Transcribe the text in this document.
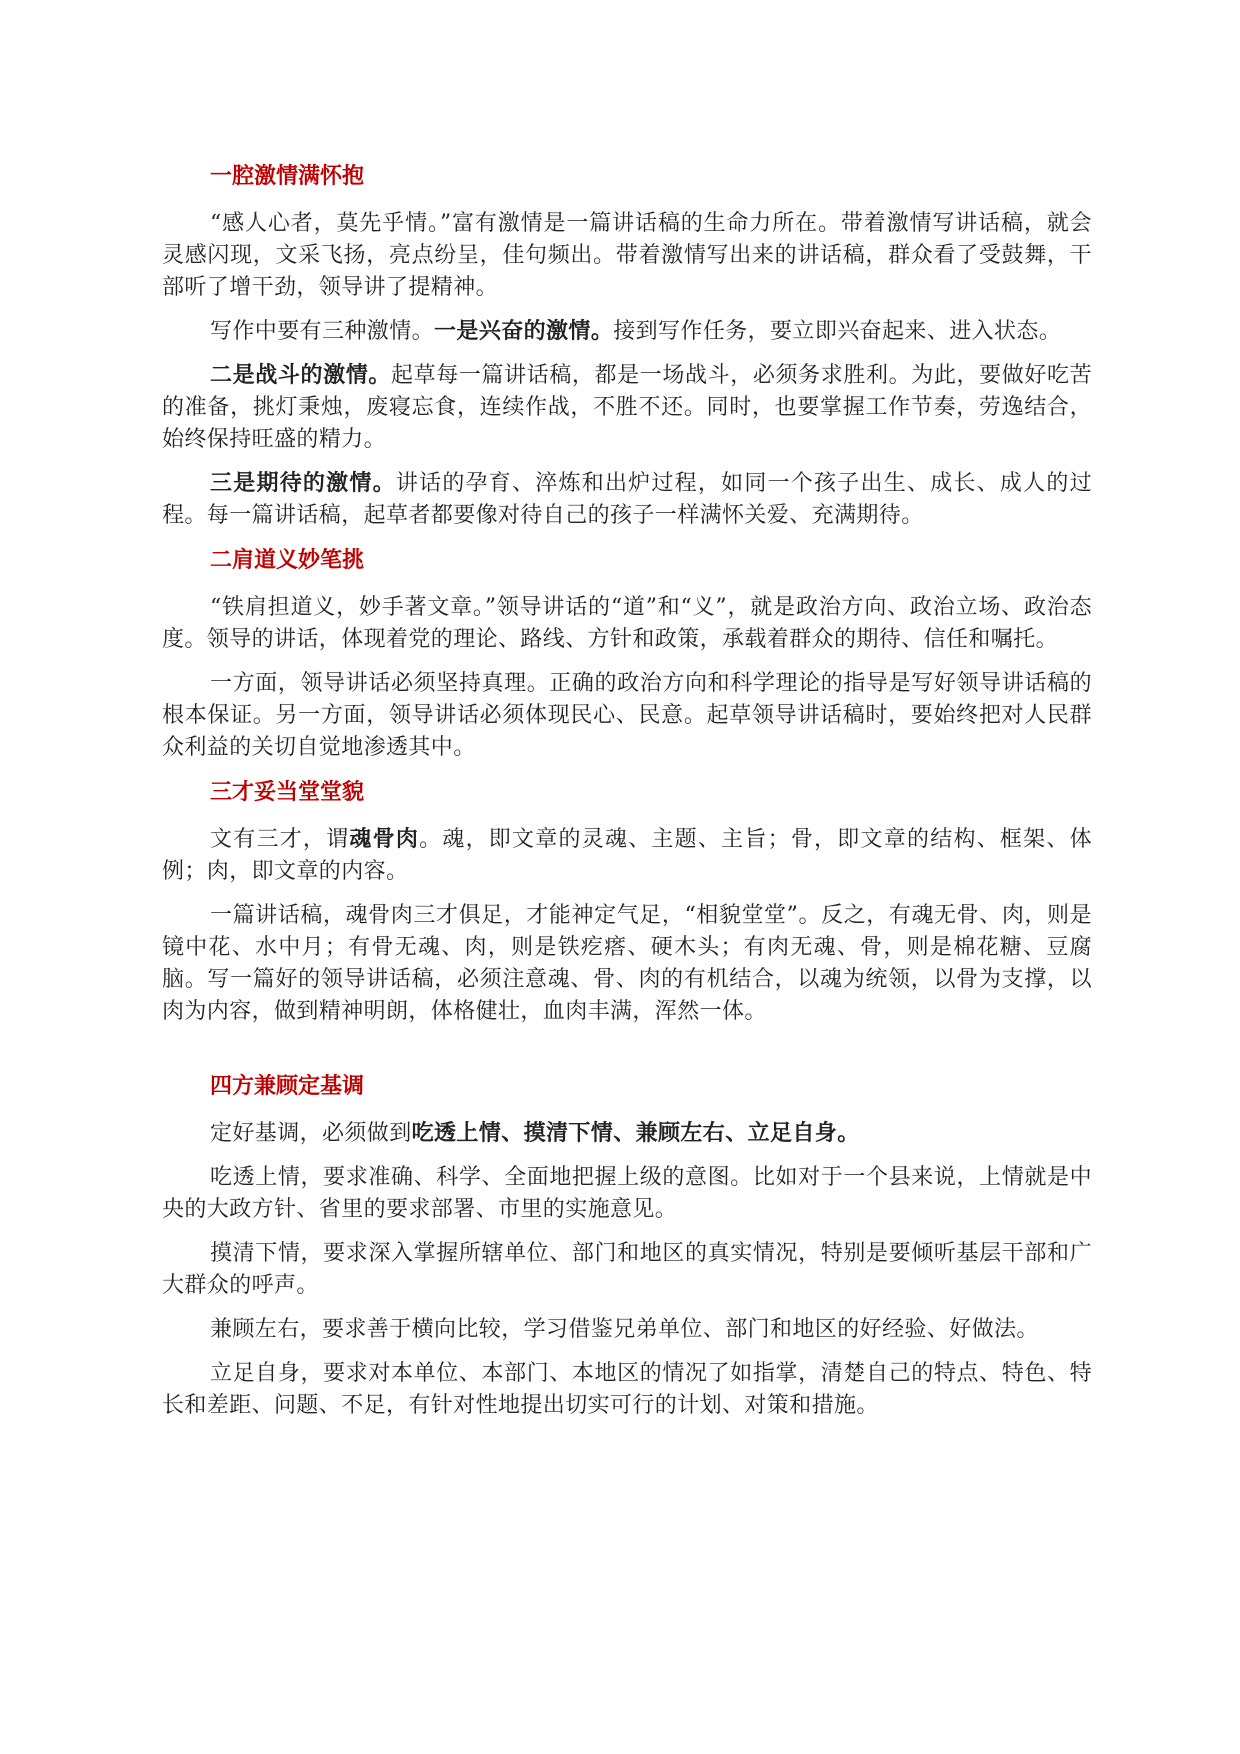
一腔激情满怀抱

“感人心者，莫先乎情。”富有激情是一篇讲话稿的生命力所在。带着激情写讲话稿，就会灵感闪现，文采飞扬，亮点纷呈，佳句频出。带着激情写出来的讲话稿，群众看了受鼓舞，干部听了增干劲，领导讲了提精神。

写作中要有三种激情。一是兴奋的激情。接到写作任务，要立即兴奋起来、进入状态。

二是战斗的激情。起草每一篇讲话稿，都是一场战斗，必须务求胜利。为此，要做好吃苦的准备，挑灯秉烛，废寝忘食，连续作战，不胜不还。同时，也要掌握工作节奏，劳逸结合，始终保持旺盛的精力。

三是期待的激情。讲话的孕育、淬炼和出炉过程，如同一个孩子出生、成长、成人的过程。每一篇讲话稿，起草者都要像对待自己的孩子一样满怀关爱、充满期待。

二肩道义妙笔挑

“铁肩担道义，妙手著文章。”领导讲话的“道”和“义”，就是政治方向、政治立场、政治态度。领导的讲话，体现着党的理论、路线、方针和政策，承载着群众的期待、信任和嘱托。

一方面，领导讲话必须坚持真理。正确的政治方向和科学理论的指导是写好领导讲话稿的根本保证。另一方面，领导讲话必须体现民心、民意。起草领导讲话稿时，要始终把对人民群众利益的关切自觉地渗透其中。

三才妥当堂堂貌

文有三才，谓魂骨肉。魂，即文章的灵魂、主题、主旨；骨，即文章的结构、框架、体例；肉，即文章的内容。

一篇讲话稿，魂骨肉三才俱足，才能神定气足，“相貌堂堂”。反之，有魂无骨、肉，则是镜中花、水中月；有骨无魂、肉，则是铁疙瘩、硬木头；有肉无魂、骨，则是棉花糖、豆腐脑。写一篇好的领导讲话稿，必须注意魂、骨、肉的有机结合，以魂为统领，以骨为支撑，以肉为内容，做到精神明朗，体格健壮，血肉丰满，浑然一体。

四方兼顾定基调

定好基调，必须做到吃透上情、摸清下情、兼顾左右、立足自身。

吃透上情，要求准确、科学、全面地把握上级的意图。比如对于一个县来说，上情就是中央的大政方针、省里的要求部署、市里的实施意见。

摸清下情，要求深入掌握所辖单位、部门和地区的真实情况，特别是要倾听基层干部和广大群众的呼声。

兼顾左右，要求善于横向比较，学习借鉴兄弟单位、部门和地区的好经验、好做法。

立足自身，要求对本单位、本部门、本地区的情况了如指掌，清楚自己的特点、特色、特长和差距、问题、不足，有针对性地提出切实可行的计划、对策和措施。
